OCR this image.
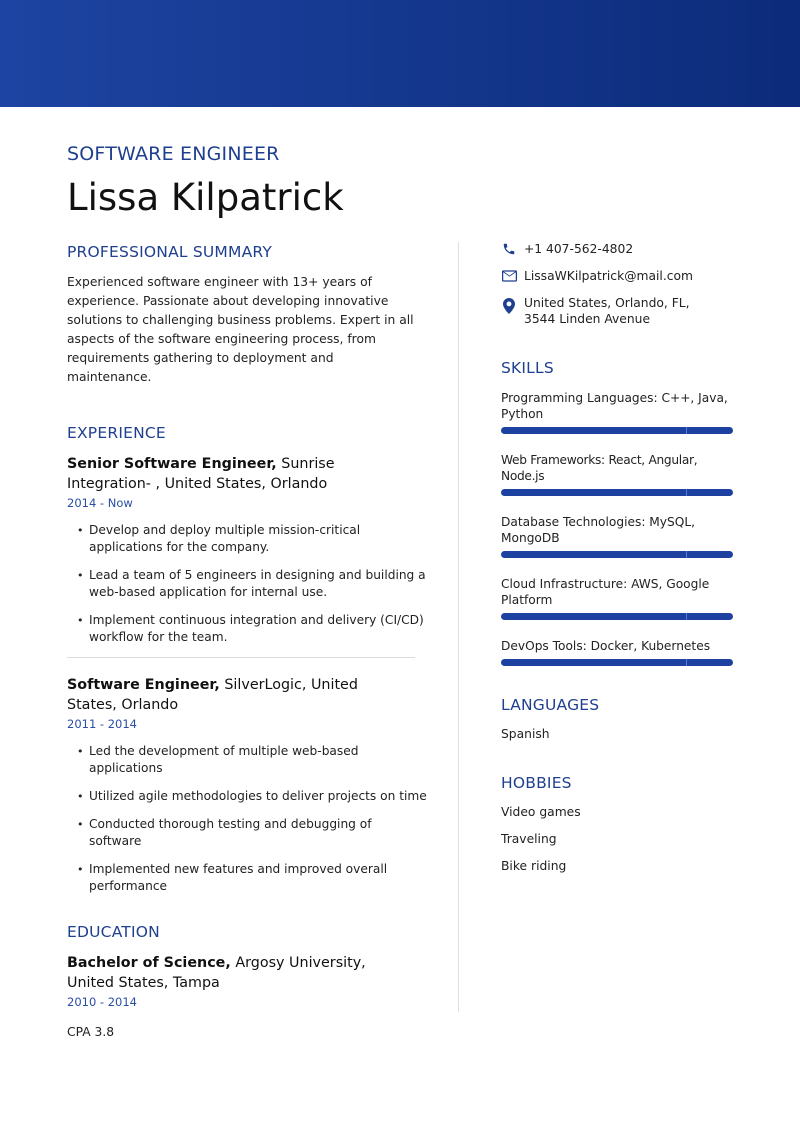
SOFTWARE ENGINEER
Lissa Kilpatrick
PROFESSIONAL SUMMARY
Experienced software engineer with 13+ years of experience. Passionate about developing innovative solutions to challenging business problems. Expert in all aspects of the software engineering process, from requirements gathering to deployment and maintenance.
EXPERIENCE
Senior Software Engineer, Sunrise Integration- , United States, Orlando
2014 - Now
• Develop and deploy multiple mission-critical applications for the company.
• Lead a team of 5 engineers in designing and building a web-based application for internal use.
• Implement continuous integration and delivery (CI/CD) workflow for the team.
Software Engineer, SilverLogic, United States, Orlando
2011 - 2014
• Led the development of multiple web-based applications
• Utilized agile methodologies to deliver projects on time
• Conducted thorough testing and debugging of software
• Implemented new features and improved overall performance
EDUCATION
Bachelor of Science, Argosy University, United States, Tampa
2010 - 2014
CPA 3.8
+1 407-562-4802
LissaWKilpatrick@mail.com
United States, Orlando, FL, 3544 Linden Avenue
SKILLS
Programming Languages: C++, Java, Python
Web Frameworks: React, Angular, Node.js
Database Technologies: MySQL, MongoDB
Cloud Infrastructure: AWS, Google Platform
DevOps Tools: Docker, Kubernetes
LANGUAGES
Spanish
HOBBIES
Video games
Traveling
Bike riding
